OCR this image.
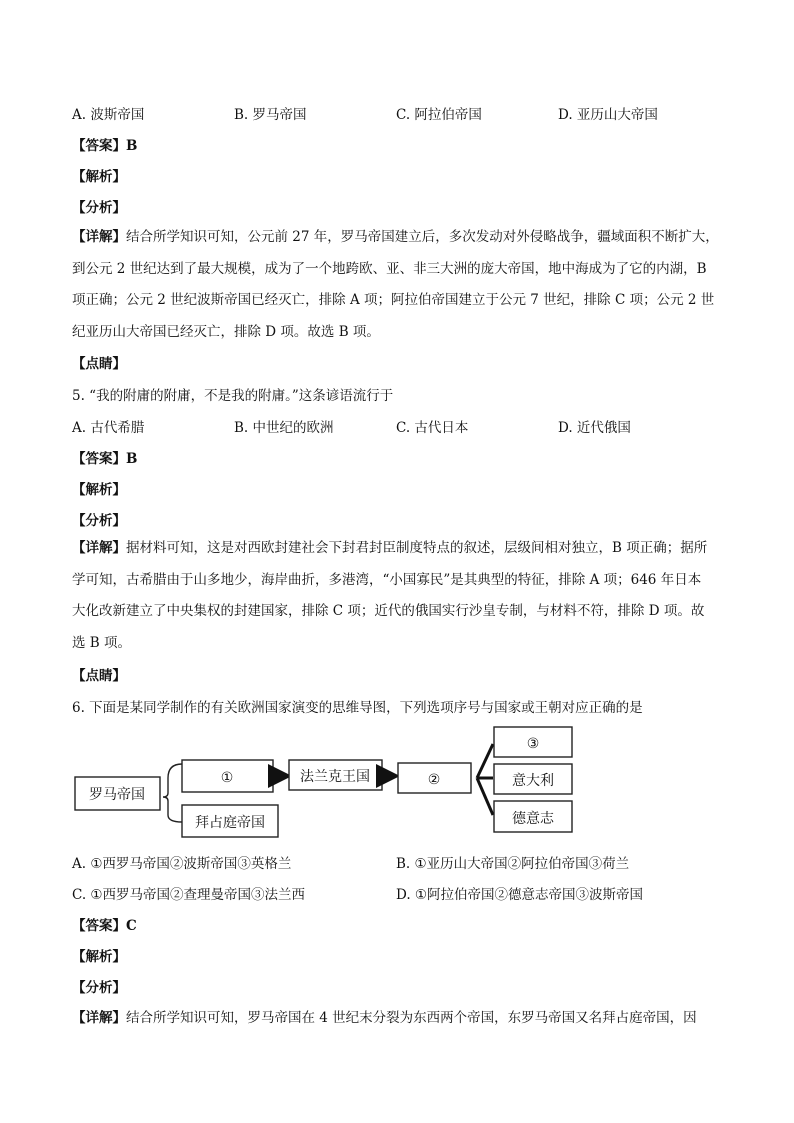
A. 波斯帝国	B. 罗马帝国	C. 阿拉伯帝国	D. 亚历山大帝国
【答案】B
【解析】
【分析】
【详解】结合所学知识可知，公元前 27 年，罗马帝国建立后，多次发动对外侵略战争，疆域面积不断扩大，
到公元 2 世纪达到了最大规模，成为了一个地跨欧、亚、非三大洲的庞大帝国，地中海成为了它的内湖，B
项正确；公元 2 世纪波斯帝国已经灭亡，排除 A 项；阿拉伯帝国建立于公元 7 世纪，排除 C 项；公元 2 世
纪亚历山大帝国已经灭亡，排除 D 项。故选 B 项。
【点睛】
5. “我的附庸的附庸，不是我的附庸。”这条谚语流行于
A. 古代希腊	B. 中世纪的欧洲	C. 古代日本	D. 近代俄国
【答案】B
【解析】
【分析】
【详解】据材料可知，这是对西欧封建社会下封君封臣制度特点的叙述，层级间相对独立，B 项正确；据所
学可知，古希腊由于山多地少，海岸曲折，多港湾，“小国寡民”是其典型的特征，排除 A 项；646 年日本
大化改新建立了中央集权的封建国家，排除 C 项；近代的俄国实行沙皇专制，与材料不符，排除 D 项。故
选 B 项。
【点睛】
6. 下面是某同学制作的有关欧洲国家演变的思维导图，下列选项序号与国家或王朝对应正确的是
罗马帝国
①
拜占庭帝国
法兰克王国	②
③
意大利
德意志
A. ①西罗马帝国②波斯帝国③英格兰	B. ①亚历山大帝国②阿拉伯帝国③荷兰
C. ①西罗马帝国②查理曼帝国③法兰西	D. ①阿拉伯帝国②德意志帝国③波斯帝国
【答案】C
【解析】
【分析】
【详解】结合所学知识可知，罗马帝国在 4 世纪末分裂为东西两个帝国，东罗马帝国又名拜占庭帝国，因
